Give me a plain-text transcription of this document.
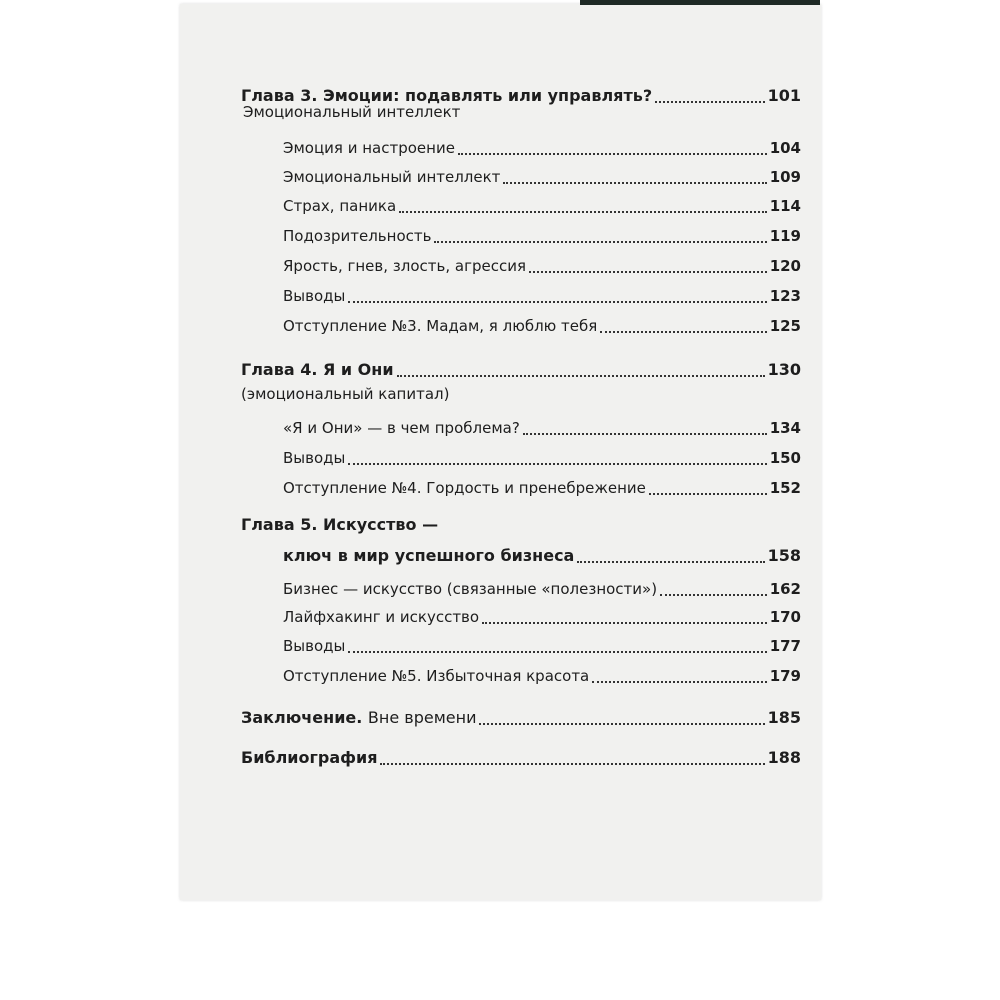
Глава 3. Эмоции: подавлять или управлять?	101
Эмоциональный интеллект
Эмоция и настроение	104
Эмоциональный интеллект	109
Страх, паника	114
Подозрительность	119
Ярость, гнев, злость, агрессия	120
Выводы	123
Отступление №3. Мадам, я люблю тебя	125
Глава 4. Я и Они	130
(эмоциональный капитал)
«Я и Они» — в чем проблема?	134
Выводы	150
Отступление №4. Гордость и пренебрежение	152
Глава 5. Искусство —
ключ в мир успешного бизнеса	158
Бизнес — искусство (связанные «полезности»)	162
Лайфхакинг и искусство	170
Выводы	177
Отступление №5. Избыточная красота	179
Заключение. Вне времени	185
Библиография	188
